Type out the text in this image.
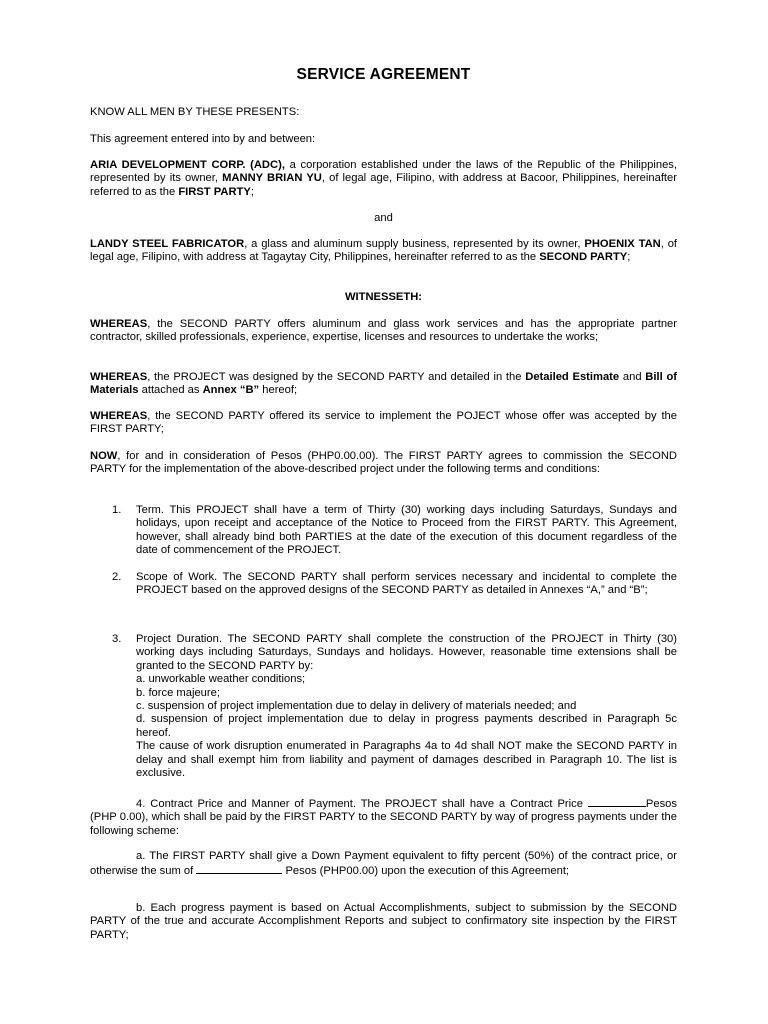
SERVICE AGREEMENT
KNOW ALL MEN BY THESE PRESENTS:
This agreement entered into by and between:
ARIA DEVELOPMENT CORP. (ADC), a corporation established under the laws of the Republic of the Philippines, represented by its owner, MANNY BRIAN YU, of legal age, Filipino, with address at Bacoor, Philippines, hereinafter referred to as the FIRST PARTY;
and
LANDY STEEL FABRICATOR, a glass and aluminum supply business, represented by its owner, PHOENIX TAN, of legal age, Filipino, with address at Tagaytay City, Philippines, hereinafter referred to as the SECOND PARTY;
WITNESSETH:
WHEREAS, the SECOND PARTY offers aluminum and glass work services and has the appropriate partner contractor, skilled professionals, experience, expertise, licenses and resources to undertake the works;
WHEREAS, the PROJECT was designed by the SECOND PARTY and detailed in the Detailed Estimate and Bill of Materials attached as Annex “B” hereof;
WHEREAS, the SECOND PARTY offered its service to implement the POJECT whose offer was accepted by the FIRST PARTY;
NOW, for and in consideration of Pesos (PHP0.00.00). The FIRST PARTY agrees to commission the SECOND PARTY for the implementation of the above-described project under the following terms and conditions:
1. Term. This PROJECT shall have a term of Thirty (30) working days including Saturdays, Sundays and holidays, upon receipt and acceptance of the Notice to Proceed from the FIRST PARTY. This Agreement, however, shall already bind both PARTIES at the date of the execution of this document regardless of the date of commencement of the PROJECT.
2. Scope of Work. The SECOND PARTY shall perform services necessary and incidental to complete the PROJECT based on the approved designs of the SECOND PARTY as detailed in Annexes “A,” and “B”;
3. Project Duration. The SECOND PARTY shall complete the construction of the PROJECT in Thirty (30) working days including Saturdays, Sundays and holidays. However, reasonable time extensions shall be granted to the SECOND PARTY by:
a. unworkable weather conditions;
b. force majeure;
c. suspension of project implementation due to delay in delivery of materials needed; and
d. suspension of project implementation due to delay in progress payments described in Paragraph 5c hereof.
The cause of work disruption enumerated in Paragraphs 4a to 4d shall NOT make the SECOND PARTY in delay and shall exempt him from liability and payment of damages described in Paragraph 10. The list is exclusive.
4. Contract Price and Manner of Payment. The PROJECT shall have a Contract Price	Pesos (PHP 0.00), which shall be paid by the FIRST PARTY to the SECOND PARTY by way of progress payments under the following scheme:
a. The FIRST PARTY shall give a Down Payment equivalent to fifty percent (50%) of the contract price, or otherwise the sum of	Pesos (PHP00.00) upon the execution of this Agreement;
b. Each progress payment is based on Actual Accomplishments, subject to submission by the SECOND PARTY of the true and accurate Accomplishment Reports and subject to confirmatory site inspection by the FIRST PARTY;
